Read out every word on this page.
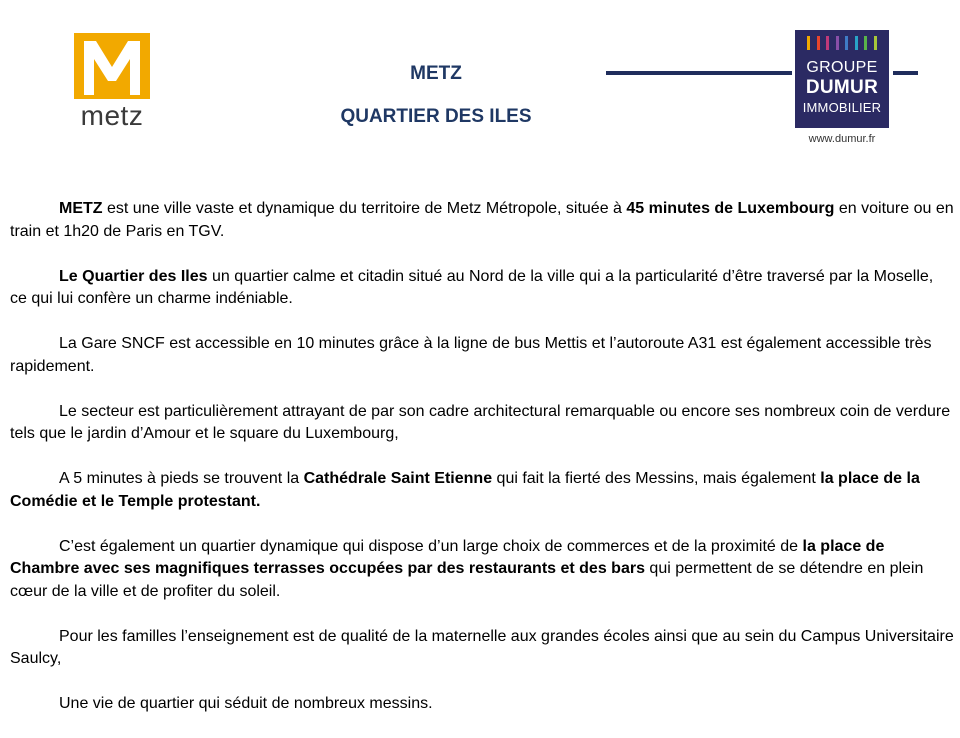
metz
METZ
QUARTIER DES ILES
GROUPE
DUMUR
IMMOBILIER
www.dumur.fr

METZ est une ville vaste et dynamique du territoire de Metz Métropole, située à 45 minutes de Luxembourg en voiture ou en train et 1h20 de Paris en TGV.

Le Quartier des Iles un quartier calme et citadin situé au Nord de la ville qui a la particularité d’être traversé par la Moselle, ce qui lui confère un charme indéniable.

La Gare SNCF est accessible en 10 minutes grâce à la ligne de bus Mettis et l’autoroute A31 est également accessible très rapidement.

Le secteur est particulièrement attrayant de par son cadre architectural remarquable ou encore ses nombreux coin de verdure tels que le jardin d’Amour et le square du Luxembourg,

A 5 minutes à pieds se trouvent la Cathédrale Saint Etienne qui fait la fierté des Messins, mais également la place de la Comédie et le Temple protestant.

C’est également un quartier dynamique qui dispose d’un large choix de commerces et de la proximité de la place de Chambre avec ses magnifiques terrasses occupées par des restaurants et des bars qui permettent de se détendre en plein cœur de la ville et de profiter du soleil.

Pour les familles l’enseignement est de qualité de la maternelle aux grandes écoles ainsi que au sein du Campus Universitaire Saulcy,

Une vie de quartier qui séduit de nombreux messins.
